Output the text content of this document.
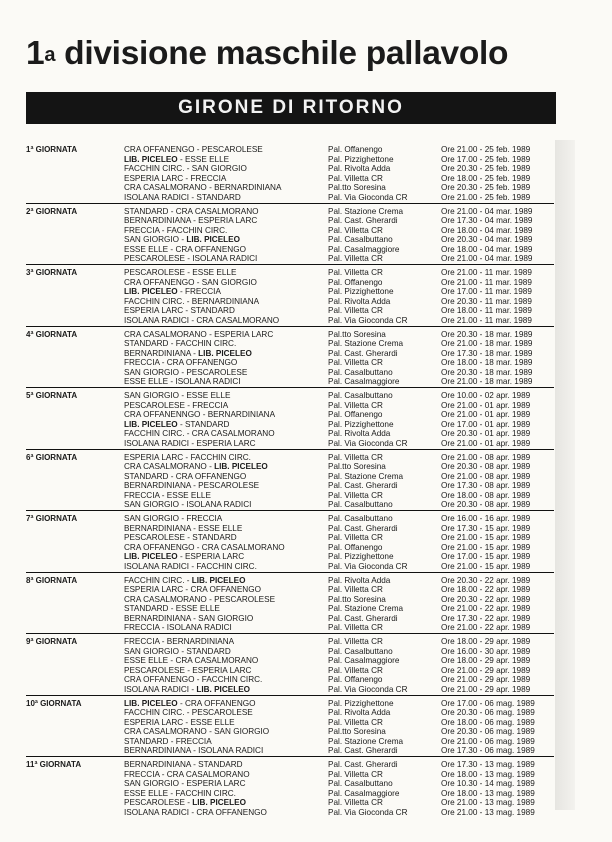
1$^a$ divisione maschile pallavolo
GIRONE DI RITORNO
1ª GIORNATA	CRA OFFANENGO - PESCAROLESE	Pal. Offanengo	Ore 21.00 - 25 feb. 1989
LIB. PICELEO - ESSE ELLE	Pal. Pizzighettone	Ore 17.00 - 25 feb. 1989
FACCHIN CIRC. - SAN GIORGIO	Pal. Rivolta Adda	Ore 20.30 - 25 feb. 1989
ESPERIA LARC - FRECCIA	Pal. Villetta CR	Ore 18.00 - 25 feb. 1989
CRA CASALMORANO - BERNARDINIANA	Pal.tto Soresina	Ore 20.30 - 25 feb. 1989
ISOLANA RADICI - STANDARD	Pal. Via Gioconda CR	Ore 21.00 - 25 feb. 1989
2ª GIORNATA	STANDARD - CRA CASALMORANO	Pal. Stazione Crema	Ore 21.00 - 04 mar. 1989
BERNARDINIANA - ESPERIA LARC	Pal. Cast. Gherardi	Ore 17.30 - 04 mar. 1989
FRECCIA - FACCHIN CIRC.	Pal. Villetta CR	Ore 18.00 - 04 mar. 1989
SAN GIORGIO - LIB. PICELEO	Pal. Casalbuttano	Ore 20.30 - 04 mar. 1989
ESSE ELLE - CRA OFFANENGO	Pal. Casalmaggiore	Ore 18.00 - 04 mar. 1989
PESCAROLESE - ISOLANA RADICI	Pal. Villetta CR	Ore 21.00 - 04 mar. 1989
3ª GIORNATA	PESCAROLESE - ESSE ELLE	Pal. Villetta CR	Ore 21.00 - 11 mar. 1989
CRA OFFANENGO - SAN GIORGIO	Pal. Offanengo	Ore 21.00 - 11 mar. 1989
LIB. PICELEO - FRECCIA	Pal. Pizzighettone	Ore 17.00 - 11 mar. 1989
FACCHIN CIRC. - BERNARDINIANA	Pal. Rivolta Adda	Ore 20.30 - 11 mar. 1989
ESPERIA LARC - STANDARD	Pal. Villetta CR	Ore 18.00 - 11 mar. 1989
ISOLANA RADICI - CRA CASALMORANO	Pal. Via Gioconda CR	Ore 21.00 - 11 mar. 1989
4ª GIORNATA	CRA CASALMORANO - ESPERIA LARC	Pal.tto Soresina	Ore 20.30 - 18 mar. 1989
STANDARD - FACCHIN CIRC.	Pal. Stazione Crema	Ore 21.00 - 18 mar. 1989
BERNARDINIANA - LIB. PICELEO	Pal. Cast. Gherardi	Ore 17.30 - 18 mar. 1989
FRECCIA - CRA OFFANENGO	Pal. Villetta CR	Ore 18.00 - 18 mar. 1989
SAN GIORGIO - PESCAROLESE	Pal. Casalbuttano	Ore 20.30 - 18 mar. 1989
ESSE ELLE - ISOLANA RADICI	Pal. Casalmaggiore	Ore 21.00 - 18 mar. 1989
5ª GIORNATA	SAN GIORGIO - ESSE ELLE	Pal. Casalbuttano	Ore 10.00 - 02 apr. 1989
PESCAROLESE - FRECCIA	Pal. Villetta CR	Ore 21.00 - 01 apr. 1989
CRA OFFANENNGO - BERNARDINIANA	Pal. Offanengo	Ore 21.00 - 01 apr. 1989
LIB. PICELEO - STANDARD	Pal. Pizzighettone	Ore 17.00 - 01 apr. 1989
FACCHIN CIRC. - CRA CASALMORANO	Pal. Rivolta Adda	Ore 20.30 - 01 apr. 1989
ISOLANA RADICI - ESPERIA LARC	Pal. Via Gioconda CR	Ore 21.00 - 01 apr. 1989
6ª GIORNATA	ESPERIA LARC - FACCHIN CIRC.	Pal. Villetta CR	Ore 21.00 - 08 apr. 1989
CRA CASALMORANO - LIB. PICELEO	Pal.tto Soresina	Ore 20.30 - 08 apr. 1989
STANDARD - CRA OFFANENGO	Pal. Stazione Crema	Ore 21.00 - 08 apr. 1989
BERNARDINIANA - PESCAROLESE	Pal. Cast. Gherardi	Ore 17.30 - 08 apr. 1989
FRECCIA - ESSE ELLE	Pal. Villetta CR	Ore 18.00 - 08 apr. 1989
SAN GIORGIO - ISOLANA RADICI	Pal. Casalbuttano	Ore 20.30 - 08 apr. 1989
7ª GIORNATA	SAN GIORGIO - FRECCIA	Pal. Casalbuttano	Ore 16.00 - 16 apr. 1989
BERNARDINIANA - ESSE ELLE	Pal. Cast. Gherardi	Ore 17.30 - 15 apr. 1989
PESCAROLESE - STANDARD	Pal. Villetta CR	Ore 21.00 - 15 apr. 1989
CRA OFFANENGO - CRA CASALMORANO	Pal. Offanengo	Ore 21.00 - 15 apr. 1989
LIB. PICELEO - ESPERIA LARC	Pal. Pizzighettone	Ore 17.00 - 15 apr. 1989
ISOLANA RADICI - FACCHIN CIRC.	Pal. Via Gioconda CR	Ore 21.00 - 15 apr. 1989
8ª GIORNATA	FACCHIN CIRC. - LIB. PICELEO	Pal. Rivolta Adda	Ore 20.30 - 22 apr. 1989
ESPERIA LARC - CRA OFFANENGO	Pal. Villetta CR	Ore 18.00 - 22 apr. 1989
CRA CASALMORANO - PESCAROLESE	Pal.tto Soresina	Ore 20.30 - 22 apr. 1989
STANDARD - ESSE ELLE	Pal. Stazione Crema	Ore 21.00 - 22 apr. 1989
BERNARDINIANA - SAN GIORGIO	Pal. Cast. Gherardi	Ore 17.30 - 22 apr. 1989
FRECCIA - ISOLANA RADICI	Pal. Villetta CR	Ore 21.00 - 22 apr. 1989
9ª GIORNATA	FRECCIA - BERNARDINIANA	Pal. Villetta CR	Ore 18.00 - 29 apr. 1989
SAN GIORGIO - STANDARD	Pal. Casalbuttano	Ore 16.00 - 30 apr. 1989
ESSE ELLE - CRA CASALMORANO	Pal. Casalmaggiore	Ore 18.00 - 29 apr. 1989
PESCAROLESE - ESPERIA LARC	Pal. Villetta CR	Ore 21.00 - 29 apr. 1989
CRA OFFANENGO - FACCHIN CIRC.	Pal. Offanengo	Ore 21.00 - 29 apr. 1989
ISOLANA RADICI - LIB. PICELEO	Pal. Via Gioconda CR	Ore 21.00 - 29 apr. 1989
10ª GIORNATA	LIB. PICELEO - CRA OFFANENGO	Pal. Pizzighettone	Ore 17.00 - 06 mag. 1989
FACCHIN CIRC. - PESCAROLESE	Pal. Rivolta Adda	Ore 20.30 - 06 mag. 1989
ESPERIA LARC - ESSE ELLE	Pal. Villetta CR	Ore 18.00 - 06 mag. 1989
CRA CASALMORANO - SAN GIORGIO	Pal.tto Soresina	Ore 20.30 - 06 mag. 1989
STANDARD - FRECCIA	Pal. Stazione Crema	Ore 21.00 - 06 mag. 1989
BERNARDINIANA - ISOLANA RADICI	Pal. Cast. Gherardi	Ore 17.30 - 06 mag. 1989
11ª GIORNATA	BERNARDINIANA - STANDARD	Pal. Cast. Gherardi	Ore 17.30 - 13 mag. 1989
FRECCIA - CRA CASALMORANO	Pal. Villetta CR	Ore 18.00 - 13 mag. 1989
SAN GIORGIO - ESPERIA LARC	Pal. Casalbuttano	Ore 10.30 - 14 mag. 1989
ESSE ELLE - FACCHIN CIRC.	Pal. Casalmaggiore	Ore 18.00 - 13 mag. 1989
PESCAROLESE - LIB. PICELEO	Pal. Villetta CR	Ore 21.00 - 13 mag. 1989
ISOLANA RADICI - CRA OFFANENGO	Pal. Via Gioconda CR	Ore 21.00 - 13 mag. 1989
